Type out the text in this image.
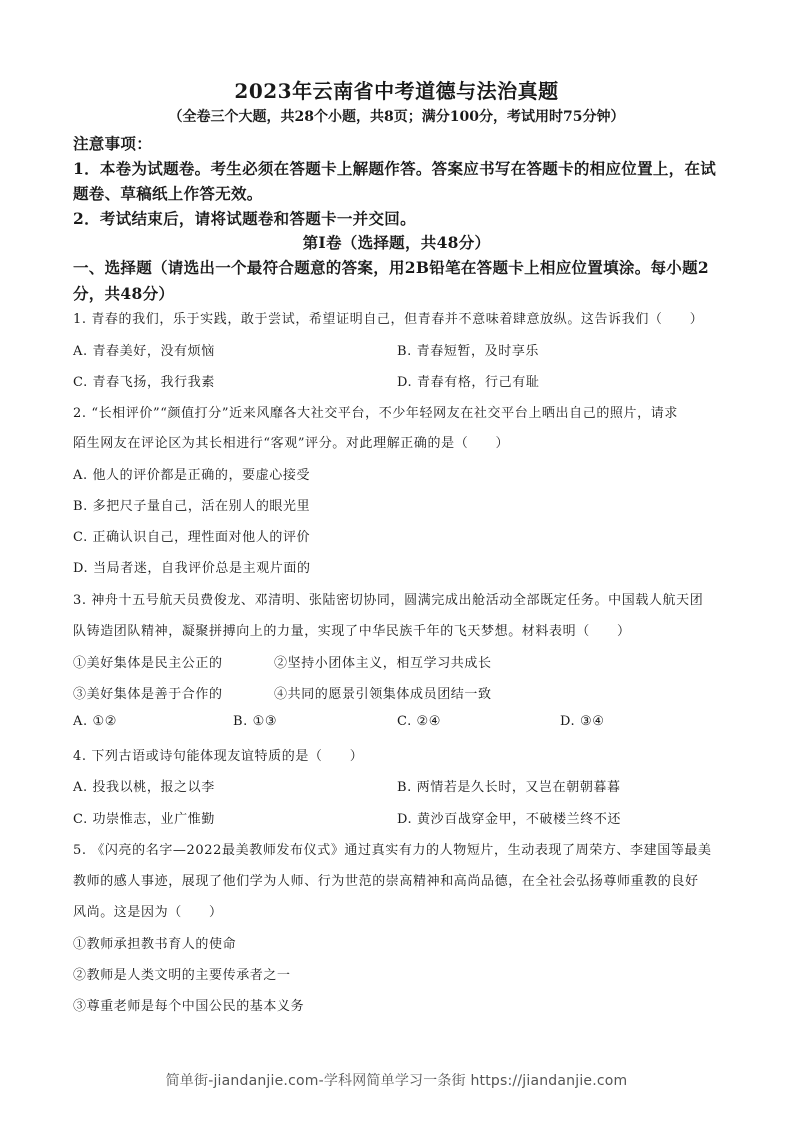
2023年云南省中考道德与法治真题
（全卷三个大题，共28个小题，共8页；满分100分，考试用时75分钟）
注意事项：
1．本卷为试题卷。考生必须在答题卡上解题作答。答案应书写在答题卡的相应位置上，在试
题卷、草稿纸上作答无效。
2．考试结束后，请将试题卷和答题卡一并交回。
第Ⅰ卷（选择题，共48分）
一、选择题（请选出一个最符合题意的答案，用2B铅笔在答题卡上相应位置填涂。每小题2
分，共48分）
1. 青春的我们，乐于实践，敢于尝试，希望证明自己，但青春并不意味着肆意放纵。这告诉我们（　　）
A. 青春美好，没有烦恼	B. 青春短暂，及时享乐
C. 青春飞扬，我行我素	D. 青春有格，行己有耻
2. “长相评价”“颜值打分”近来风靡各大社交平台，不少年轻网友在社交平台上晒出自己的照片，请求
陌生网友在评论区为其长相进行“客观”评分。对此理解正确的是（　　）
A. 他人的评价都是正确的，要虚心接受
B. 多把尺子量自己，活在别人的眼光里
C. 正确认识自己，理性面对他人的评价
D. 当局者迷，自我评价总是主观片面的
3. 神舟十五号航天员费俊龙、邓清明、张陆密切协同，圆满完成出舱活动全部既定任务。中国载人航天团
队铸造团队精神，凝聚拼搏向上的力量，实现了中华民族千年的飞天梦想。材料表明（　　）
①美好集体是民主公正的	②坚持小团体主义，相互学习共成长
③美好集体是善于合作的	④共同的愿景引领集体成员团结一致
A. ①②	B. ①③	C. ②④	D. ③④
4. 下列古语或诗句能体现友谊特质的是（　　）
A. 投我以桃，报之以李	B. 两情若是久长时，又岂在朝朝暮暮
C. 功崇惟志，业广惟勤	D. 黄沙百战穿金甲，不破楼兰终不还
5. 《闪亮的名字—2022最美教师发布仪式》通过真实有力的人物短片，生动表现了周荣方、李建国等最美
教师的感人事迹，展现了他们学为人师、行为世范的崇高精神和高尚品德，在全社会弘扬尊师重教的良好
风尚。这是因为（　　）
①教师承担教书育人的使命
②教师是人类文明的主要传承者之一
③尊重老师是每个中国公民的基本义务
简单街-jiandanjie.com-学科网简单学习一条街 https://jiandanjie.com
